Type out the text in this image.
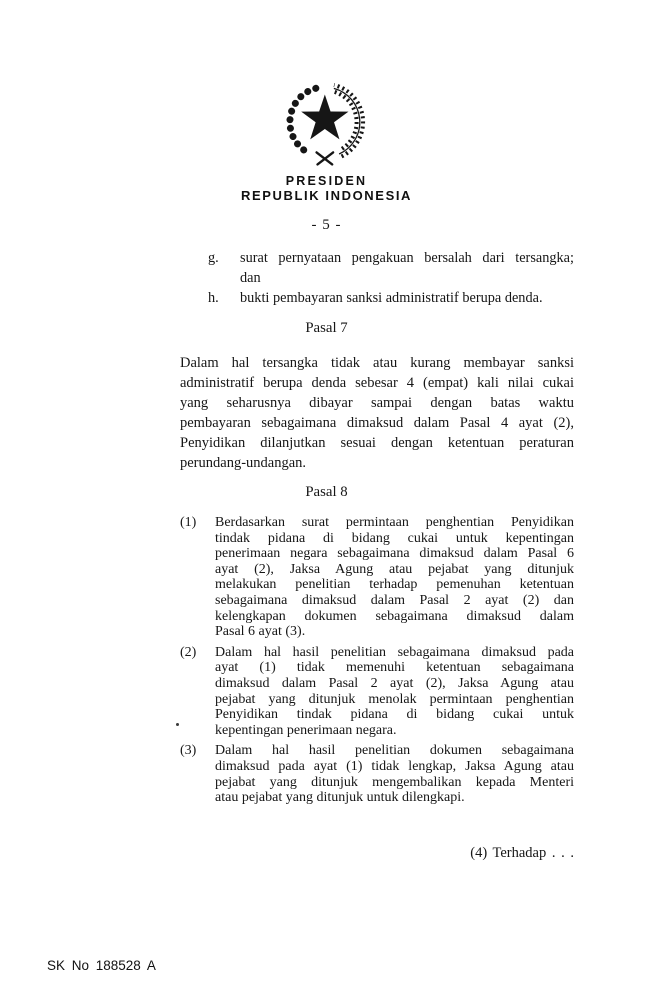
PRESIDEN
REPUBLIK INDONESIA
- 5 -
g. surat pernyataan pengakuan bersalah dari tersangka;
dan
h. bukti pembayaran sanksi administratif berupa denda.
Pasal 7
Dalam hal tersangka tidak atau kurang membayar sanksi
administratif berupa denda sebesar 4 (empat) kali nilai cukai
yang seharusnya dibayar sampai dengan batas waktu
pembayaran sebagaimana dimaksud dalam Pasal 4 ayat (2),
Penyidikan dilanjutkan sesuai dengan ketentuan peraturan
perundang-undangan.
Pasal 8
(1) Berdasarkan surat permintaan penghentian Penyidikan
tindak pidana di bidang cukai untuk kepentingan
penerimaan negara sebagaimana dimaksud dalam Pasal 6
ayat (2), Jaksa Agung atau pejabat yang ditunjuk
melakukan penelitian terhadap pemenuhan ketentuan
sebagaimana dimaksud dalam Pasal 2 ayat (2) dan
kelengkapan dokumen sebagaimana dimaksud dalam
Pasal 6 ayat (3).
(2) Dalam hal hasil penelitian sebagaimana dimaksud pada
ayat (1) tidak memenuhi ketentuan sebagaimana
dimaksud dalam Pasal 2 ayat (2), Jaksa Agung atau
pejabat yang ditunjuk menolak permintaan penghentian
Penyidikan tindak pidana di bidang cukai untuk
kepentingan penerimaan negara.
(3) Dalam hal hasil penelitian dokumen sebagaimana
dimaksud pada ayat (1) tidak lengkap, Jaksa Agung atau
pejabat yang ditunjuk mengembalikan kepada Menteri
atau pejabat yang ditunjuk untuk dilengkapi.
(4) Terhadap . . .
SK No 188528 A
